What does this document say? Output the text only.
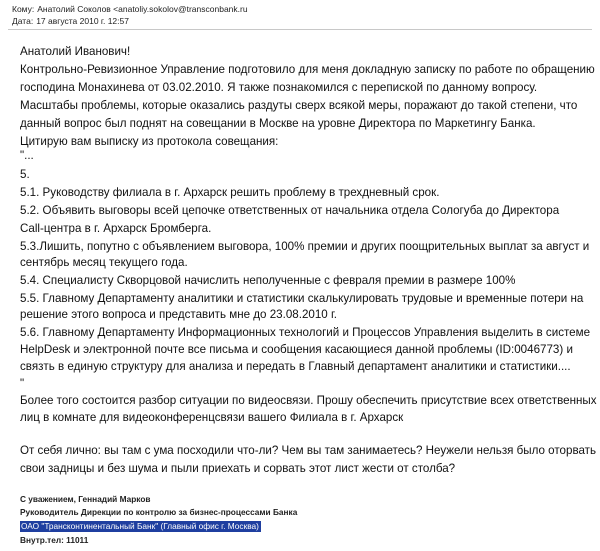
Кому: Анатолий Соколов <anatoliy.sokolov@transconbank.ru
Дата: 17 августа 2010 г. 12:57
Анатолий Иванович!
Контрольно-Ревизионное Управление подготовило для меня докладную записку по работе по обращению
господина Монахинева от 03.02.2010. Я также познакомился с перепиской по данному вопросу.
Масштабы проблемы, которые оказались раздуты сверх всякой меры, поражают до такой степени, что
данный вопрос был поднят на совещании в Москве на уровне Директора по Маркетингу Банка.
Цитирую вам выписку из протокола совещания:
"...
5.
5.1. Руководству филиала в г. Архарск решить проблему в трехдневный срок.
5.2. Объявить выговоры всей цепочке ответственных от начальника отдела Сологуба до Директора
Call-центра в г. Архарск Бромберга.
5.3.Лишить, попутно с объявлением выговора, 100% премии и других поощрительных выплат за август и
сентябрь месяц текущего года.
5.4. Специалисту Скворцовой начислить неполученные с февраля премии в размере 100%
5.5. Главному Департаменту аналитики и статистики скалькулировать трудовые и временные потери на
решение этого вопроса и представить мне до 23.08.2010 г.
5.6. Главному Департаменту Информационных технологий и Процессов Управления выделить в системе
HelpDesk и электронной почте все письма и сообщения касающиеся данной проблемы (ID:0046773) и
связть в единую структуру для анализа и передать в Главный департамент аналитики и статистики....
"
Более того состоится разбор ситуации по видеосвязи. Прошу обеспечить присутствие всех ответственных
лиц в комнате для видеоконференцсвязи вашего Филиала в г. Архарск
От себя лично: вы там с ума посходили что-ли? Чем вы там занимаетесь? Неужели нельзя было оторвать
свои задницы и без шума и пыли приехать и сорвать этот лист жести от столба?
С уважением, Геннадий Марков
Руководитель Дирекции по контролю за бизнес-процессами Банка
ОАО "Трансконтинентальный Банк" (Главный офис г. Москва)
Внутр.тел: 11011
